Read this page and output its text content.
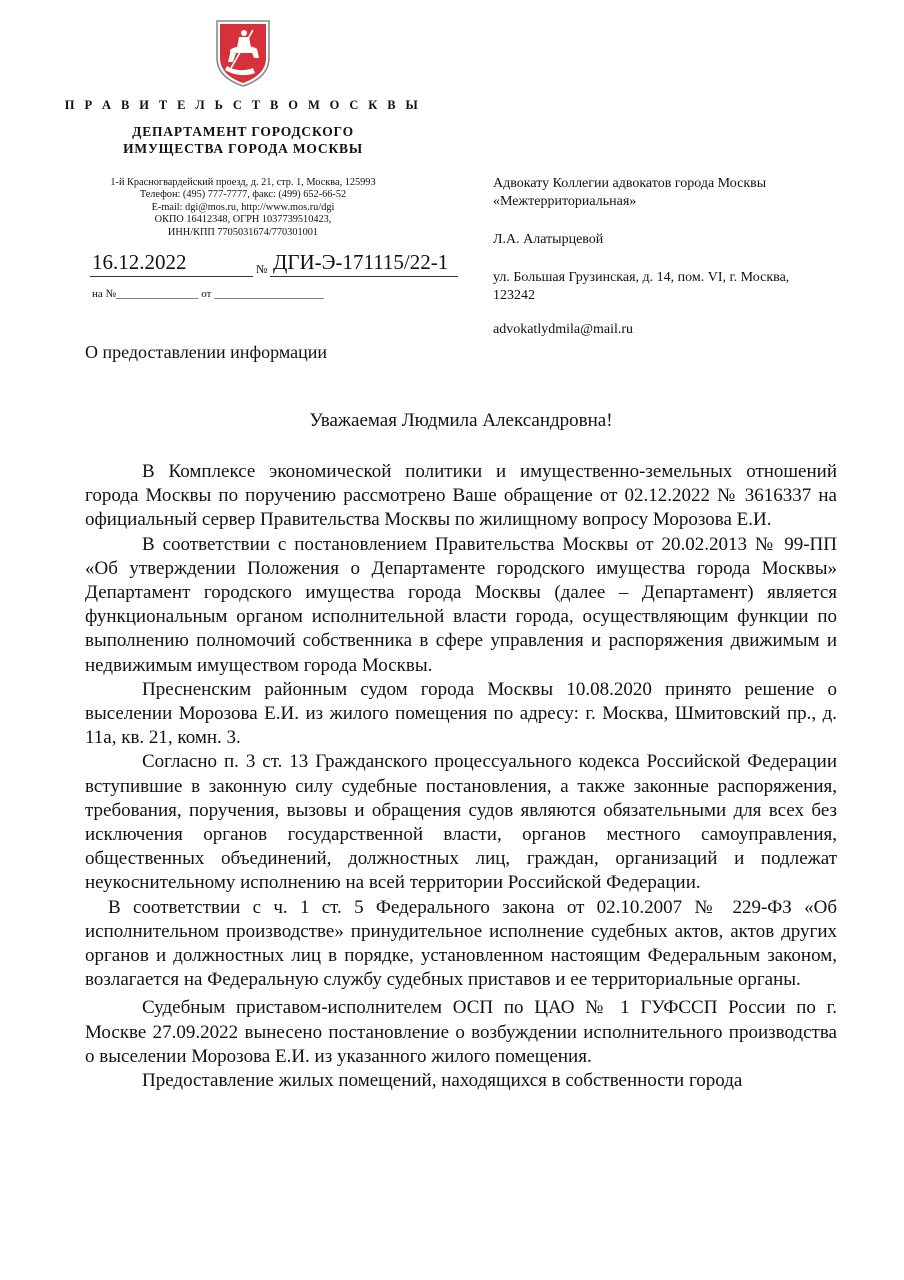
П Р А В И Т Е Л Ь С Т В О М О С К В Ы
ДЕПАРТАМЕНТ ГОРОДСКОГО
ИМУЩЕСТВА ГОРОДА МОСКВЫ
1-й Красногвардейский проезд, д. 21, стр. 1, Москва, 125993
Телефон: (495) 777-7777, факс: (499) 652-66-52
E-mail: dgi@mos.ru, http://www.mos.ru/dgi
ОКПО 16412348, ОГРН 1037739510423,
ИНН/КПП 7705031674/770301001
16.12.2022	№ ДГИ-Э-171115/22-1
на №_______________ от ____________________

Адвокату Коллегии адвокатов города Москвы «Межтерриториальная»

Л.А. Алатырцевой

ул. Большая Грузинская, д. 14, пом. VI, г. Москва, 123242

advokatlydmila@mail.ru

О предоставлении информации
Уважаемая Людмила Александровна!

В Комплексе экономической политики и имущественно-земельных отношений города Москвы по поручению рассмотрено Ваше обращение от 02.12.2022 № 3616337 на официальный сервер Правительства Москвы по жилищному вопросу Морозова Е.И.

В соответствии с постановлением Правительства Москвы от 20.02.2013 № 99-ПП «Об утверждении Положения о Департаменте городского имущества города Москвы» Департамент городского имущества города Москвы (далее – Департамент) является функциональным органом исполнительной власти города, осуществляющим функции по выполнению полномочий собственника в сфере управления и распоряжения движимым и недвижимым имуществом города Москвы.

Пресненским районным судом города Москвы 10.08.2020 принято решение о выселении Морозова Е.И. из жилого помещения по адресу: г. Москва, Шмитовский пр., д. 11а, кв. 21, комн. 3.

Согласно п. 3 ст. 13 Гражданского процессуального кодекса Российской Федерации вступившие в законную силу судебные постановления, а также законные распоряжения, требования, поручения, вызовы и обращения судов являются обязательными для всех без исключения органов государственной власти, органов местного самоуправления, общественных объединений, должностных лиц, граждан, организаций и подлежат неукоснительному исполнению на всей территории Российской Федерации.

В соответствии с ч. 1 ст. 5 Федерального закона от 02.10.2007 № 229-ФЗ «Об исполнительном производстве» принудительное исполнение судебных актов, актов других органов и должностных лиц в порядке, установленном настоящим Федеральным законом, возлагается на Федеральную службу судебных приставов и ее территориальные органы.

Судебным приставом-исполнителем ОСП по ЦАО № 1 ГУФССП России по г. Москве 27.09.2022 вынесено постановление о возбуждении исполнительного производства о выселении Морозова Е.И. из указанного жилого помещения.

Предоставление жилых помещений, находящихся в собственности города
